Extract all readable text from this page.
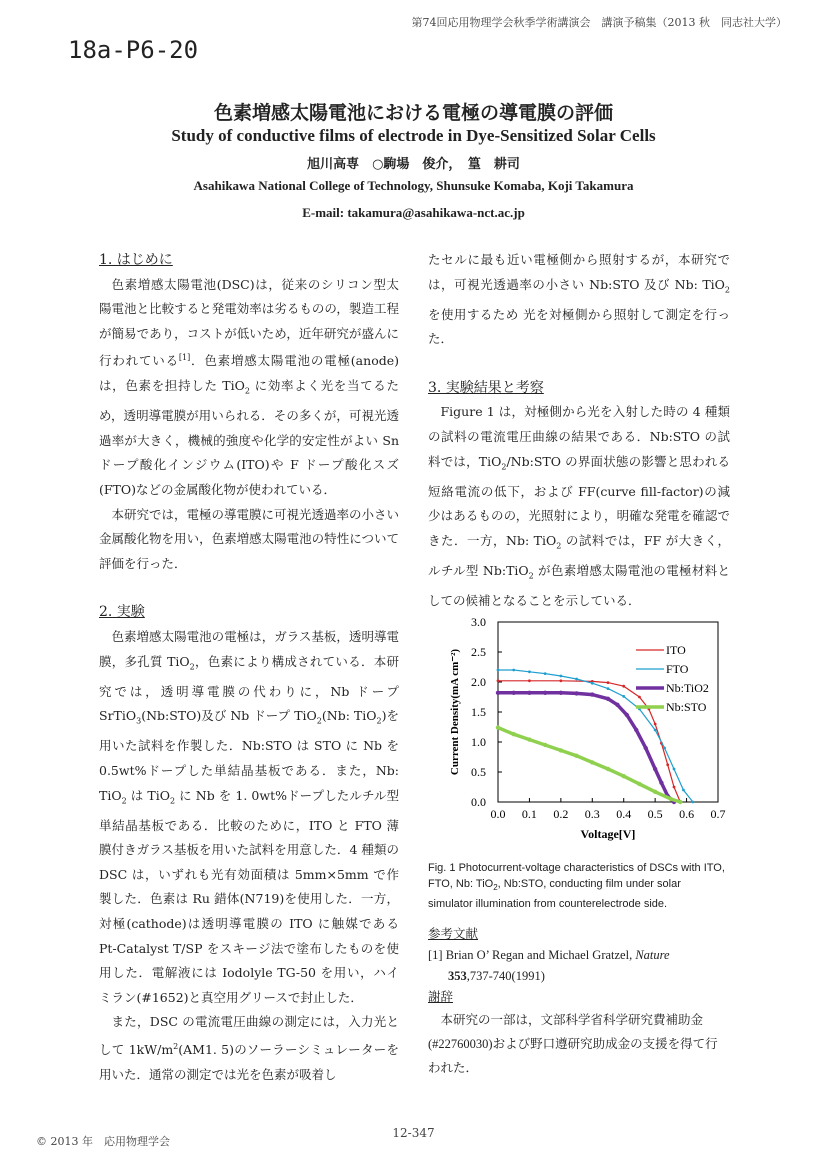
第74回応用物理学会秋季学術講演会　講演予稿集（2013 秋　同志社大学）
18a-P6-20
色素増感太陽電池における電極の導電膜の評価
Study of conductive films of electrode in Dye-Sensitized Solar Cells
旭川高専　○駒場　俊介，　篁　耕司
Asahikawa National College of Technology, Shunsuke Komaba, Koji Takamura
E-mail: takamura@asahikawa-nct.ac.jp

1. はじめに

色素増感太陽電池(DSC)は，従来のシリコン型太陽電池と比較すると発電効率は劣るものの，製造工程が簡易であり，コストが低いため，近年研究が盛んに行われている[1]．色素増感太陽電池の電極(anode)は，色素を担持した TiO$_2$ に効率よく光を当てるため，透明導電膜が用いられる．その多くが，可視光透過率が大きく，機械的強度や化学的安定性がよい Sn ドープ酸化インジウム(ITO)や F ドープ酸化スズ(FTO)などの金属酸化物が使われている．

本研究では，電極の導電膜に可視光透過率の小さい金属酸化物を用い，色素増感太陽電池の特性について評価を行った．

2. 実験

色素増感太陽電池の電極は，ガラス基板，透明導電膜，多孔質 TiO$_2$，色素により構成されている．本研究では，透明導電膜の代わりに，Nb ドープ SrTiO$_3$(Nb:STO)及び Nb ドープ TiO$_2$(Nb: TiO$_2$)を用いた試料を作製した．Nb:STO は STO に Nb を 0.5wt%ドープした単結晶基板である．また，Nb: TiO$_2$ は TiO$_2$ に Nb を 1. 0wt%ドープしたルチル型単結晶基板である．比較のために，ITO と FTO 薄膜付きガラス基板を用いた試料を用意した．4 種類の DSC は，いずれも光有効面積は 5mm×5mm で作製した．色素は Ru 錯体(N719)を使用した．一方，対極(cathode)は透明導電膜の ITO に触媒である Pt-Catalyst T/SP をスキージ法で塗布したものを使用した．電解液には Iodolyle TG-50 を用い，ハイミラン(#1652)と真空用グリースで封止した．

また，DSC の電流電圧曲線の測定には，入力光として $1kW/m^2(AM1$. 5)のソーラーシミュレーターを用いた．通常の測定では光を色素が吸着し

たセルに最も近い電極側から照射するが，本研究では，可視光透過率の小さい Nb:STO 及び Nb: TiO$_2$ を使用するため 光を対極側から照射して測定を行った．

3. 実験結果と考察

Figure 1 は，対極側から光を入射した時の 4 種類の試料の電流電圧曲線の結果である．Nb:STO の試料では，TiO$_2$/Nb:STO の界面状態の影響と思われる短絡電流の低下，および FF(curve fill-factor)の減少はあるものの，光照射により，明確な発電を確認できた．一方，Nb: TiO$_2$ の試料では，FF が大きく，ルチル型 Nb:TiO$_2$ が色素増感太陽電池の電極材料としての候補となることを示している．

0.0 0.1 0.2 0.3 0.4 0.5 0.6 0.7
0.0
0.5
1.0
1.5
2.0
2.5
3.0
Voltage[V]
Current Density(mA cm⁻²)	ITO
FTO
Nb:TiO2
Nb:STO
Fig. 1 Photocurrent-voltage characteristics of DSCs with ITO, FTO, Nb: TiO$_2$, Nb:STO, conducting film under solar simulator illumination from counterelectrode side.
参考文献
[1] Brian O’ Regan and Michael Gratzel, Nature
353,737-740(1991)
謝辞
本研究の一部は，文部科学省科学研究費補助金(#22760030)および野口遵研究助成金の支援を得て行われた．
© 2013 年　応用物理学会
12-347
